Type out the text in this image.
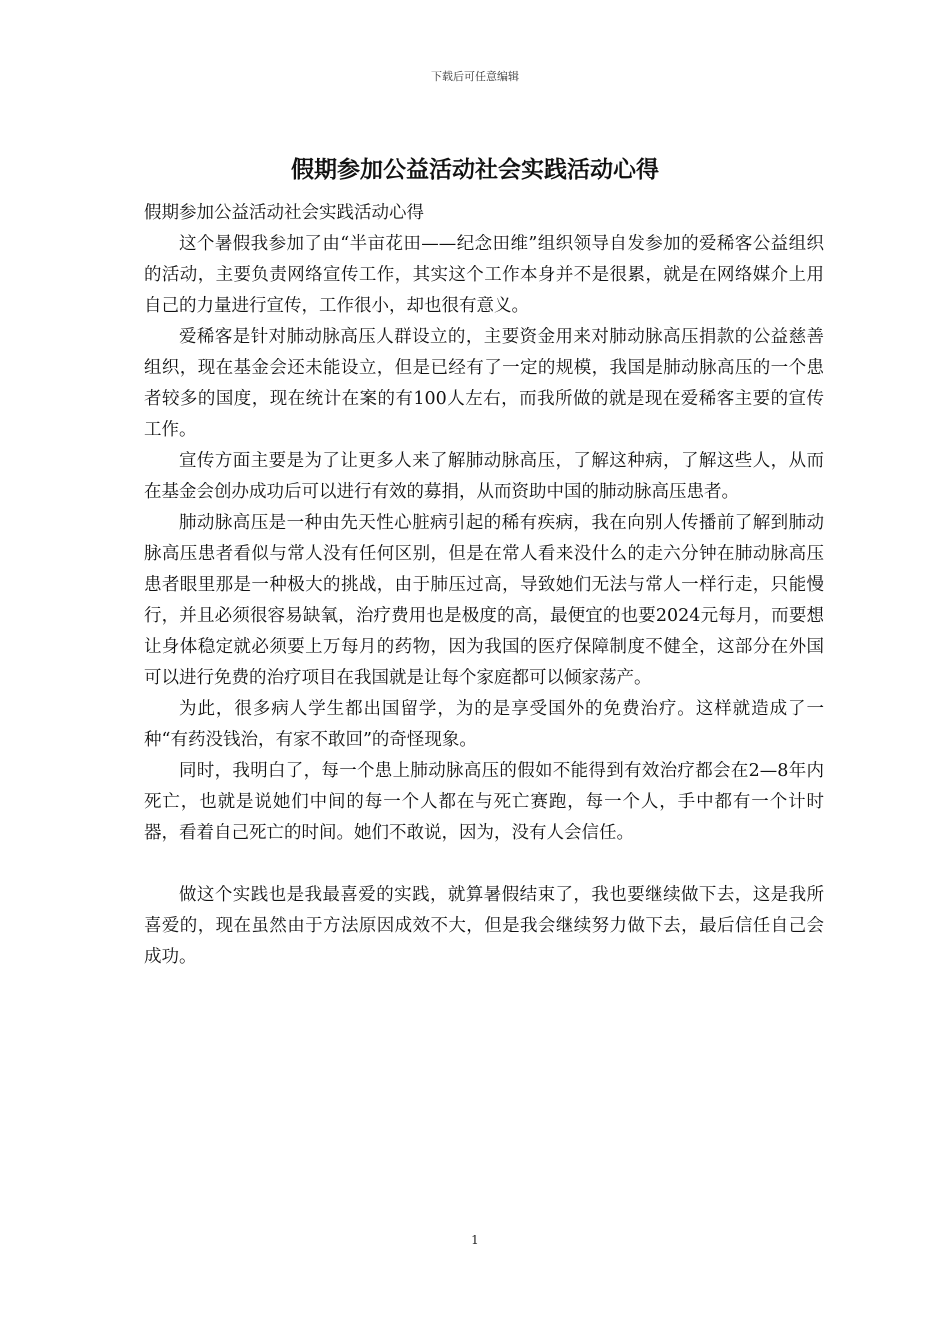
下载后可任意编辑
假期参加公益活动社会实践活动心得

假期参加公益活动社会实践活动心得

这个暑假我参加了由“半亩花田——纪念田维”组织领导自发参加的爱稀客公益组织的活动，主要负责网络宣传工作，其实这个工作本身并不是很累，就是在网络媒介上用自己的力量进行宣传，工作很小，却也很有意义。

爱稀客是针对肺动脉高压人群设立的，主要资金用来对肺动脉高压捐款的公益慈善组织，现在基金会还未能设立，但是已经有了一定的规模，我国是肺动脉高压的一个患者较多的国度，现在统计在案的有100人左右，而我所做的就是现在爱稀客主要的宣传工作。

宣传方面主要是为了让更多人来了解肺动脉高压，了解这种病，了解这些人，从而在基金会创办成功后可以进行有效的募捐，从而资助中国的肺动脉高压患者。

肺动脉高压是一种由先天性心脏病引起的稀有疾病，我在向别人传播前了解到肺动脉高压患者看似与常人没有任何区别，但是在常人看来没什么的走六分钟在肺动脉高压患者眼里那是一种极大的挑战，由于肺压过高，导致她们无法与常人一样行走，只能慢行，并且必须很容易缺氧，治疗费用也是极度的高，最便宜的也要2024元每月，而要想让身体稳定就必须要上万每月的药物，因为我国的医疗保障制度不健全，这部分在外国可以进行免费的治疗项目在我国就是让每个家庭都可以倾家荡产。

为此，很多病人学生都出国留学，为的是享受国外的免费治疗。这样就造成了一种“有药没钱治，有家不敢回”的奇怪现象。

同时，我明白了，每一个患上肺动脉高压的假如不能得到有效治疗都会在2—8年内死亡，也就是说她们中间的每一个人都在与死亡赛跑，每一个人，手中都有一个计时器，看着自己死亡的时间。她们不敢说，因为，没有人会信任。

做这个实践也是我最喜爱的实践，就算暑假结束了，我也要继续做下去，这是我所喜爱的，现在虽然由于方法原因成效不大，但是我会继续努力做下去，最后信任自己会成功。

1
